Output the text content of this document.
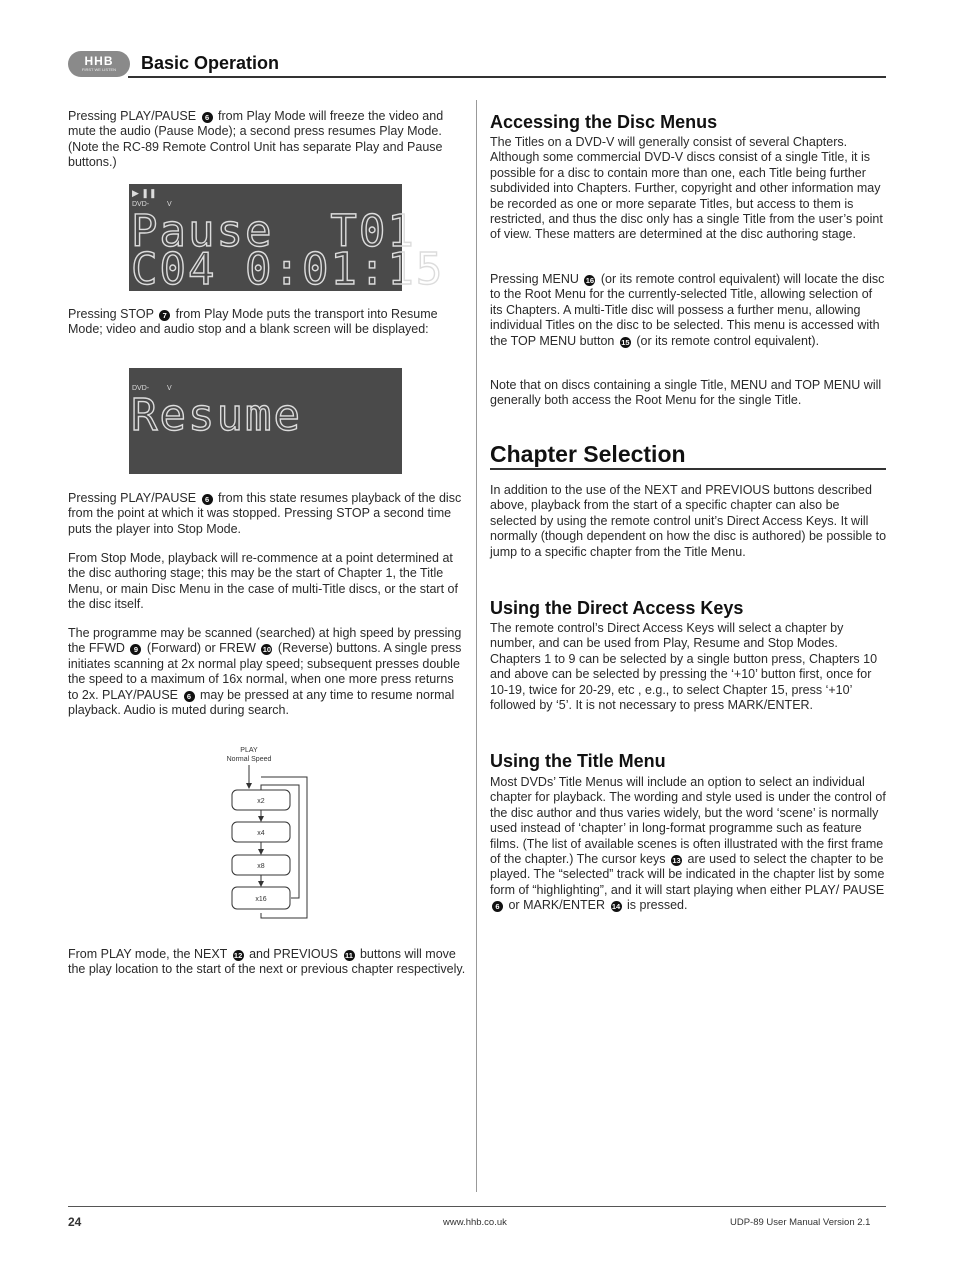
HHB
FIRST WE LISTEN Basic Operation

Pressing PLAY/PAUSE 6 from Play Mode will freeze the video and mute the audio (Pause Mode); a second press resumes Play Mode. (Note the RC-89 Remote Control Unit has separate Play and Pause buttons.)

▶ ❚❚
DVD-	V
Pause  T01
C04 0:01:15

Pressing STOP 7 from Play Mode puts the transport into Resume Mode; video and audio stop and a blank screen will be displayed:

DVD-	V
Resume

Pressing PLAY/PAUSE 6 from this state resumes playback of the disc from the point at which it was stopped. Pressing STOP a second time puts the player into Stop Mode.

From Stop Mode, playback will re-commence at a point determined at the disc authoring stage; this may be the start of Chapter 1, the Title Menu, or main Disc Menu in the case of multi-Title discs, or the start of the disc itself.

The programme may be scanned (searched) at high speed by pressing the FFWD 9 (Forward) or FREW 10 (Reverse) buttons. A single press initiates scanning at 2x normal play speed; subsequent presses double the speed to a maximum of 16x normal, when one more press returns to 2x. PLAY/PAUSE 6 may be pressed at any time to resume normal playback. Audio is muted during search.

PLAY
Normal Speed
x2
x4
x8
x16

From PLAY mode, the NEXT 12 and PREVIOUS 11 buttons will move the play location to the start of the next or previous chapter respectively.

Accessing the Disc Menus

The Titles on a DVD-V will generally consist of several Chapters. Although some commercial DVD-V discs consist of a single Title, it is possible for a disc to contain more than one, each Title being further subdivided into Chapters. Further, copyright and other information may be recorded as one or more separate Titles, but access to them is restricted, and thus the disc only has a single Title from the user’s point of view. These matters are determined at the disc authoring stage.

Pressing MENU 16 (or its remote control equivalent) will locate the disc to the Root Menu for the currently-selected Title, allowing selection of its Chapters. A multi-Title disc will possess a further menu, allowing individual Titles on the disc to be selected. This menu is accessed with the TOP MENU button 15 (or its remote control equivalent).

Note that on discs containing a single Title, MENU and TOP MENU will generally both access the Root Menu for the single Title.

Chapter Selection

In addition to the use of the NEXT and PREVIOUS buttons described above, playback from the start of a specific chapter can also be selected by using the remote control unit’s Direct Access Keys. It will normally (though dependent on how the disc is authored) be possible to jump to a specific chapter from the Title Menu.

Using the Direct Access Keys

The remote control’s Direct Access Keys will select a chapter by number, and can be used from Play, Resume and Stop Modes. Chapters 1 to 9 can be selected by a single button press, Chapters 10 and above can be selected by pressing the ‘+10’ button first, once for 10-19, twice for 20-29, etc , e.g., to select Chapter 15, press ‘+10’ followed by ‘5’. It is not necessary to press MARK/ENTER.

Using the Title Menu

Most DVDs’ Title Menus will include an option to select an individual chapter for playback. The wording and style used is under the control of the disc author and thus varies widely, but the word ‘scene’ is normally used instead of ‘chapter’ in long-format programme such as feature films. (The list of available scenes is often illustrated with the first frame of the chapter.) The cursor keys 13 are used to select the chapter to be played. The “selected” track will be indicated in the chapter list by some form of “highlighting”, and it will start playing when either PLAY/ PAUSE 6 or MARK/ENTER 14 is pressed.

24	www.hhb.co.uk	UDP-89 User Manual Version 2.1
